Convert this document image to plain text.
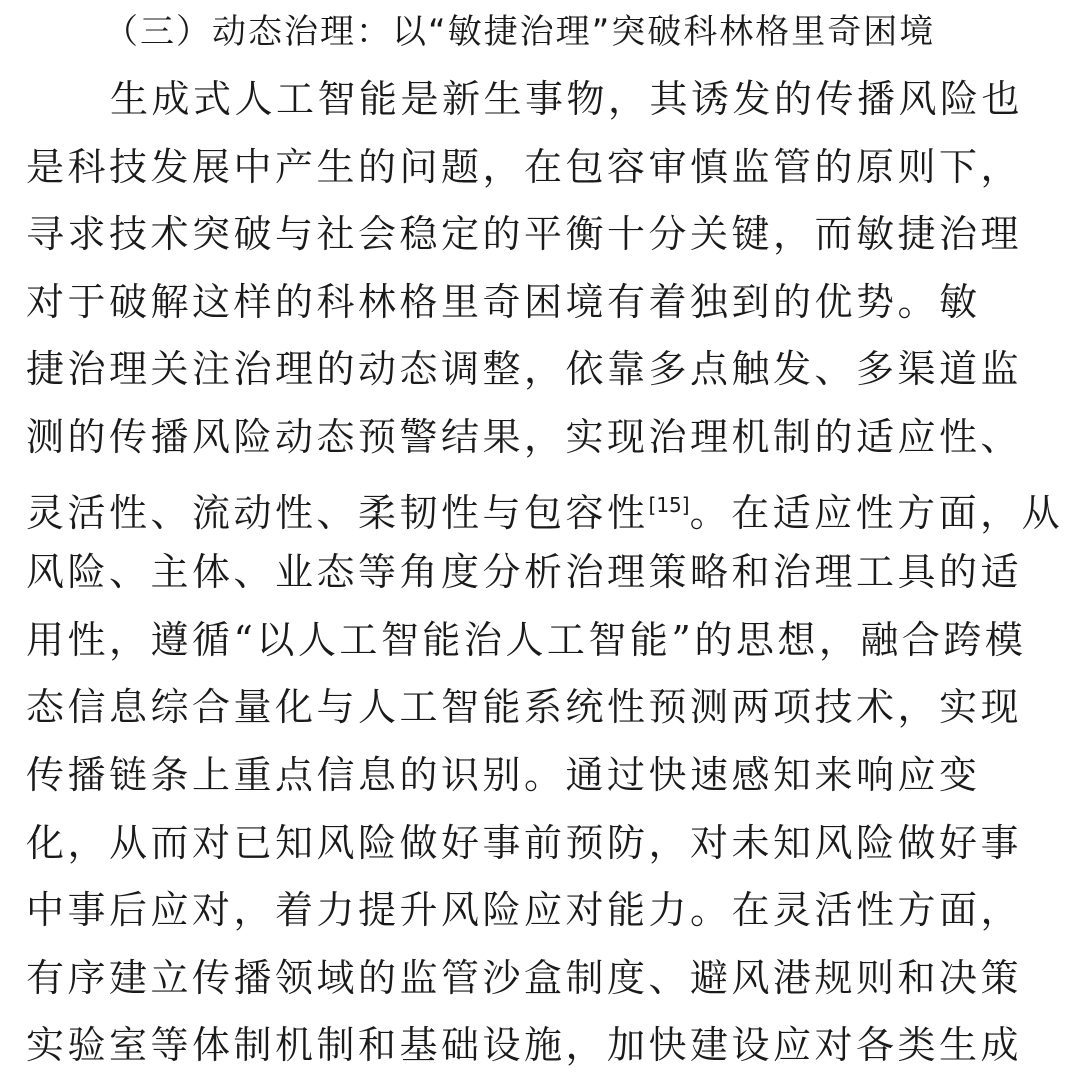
（三）动态治理：以“敏捷治理”突破科林格里奇困境
生成式人工智能是新生事物，其诱发的传播风险也
是科技发展中产生的问题，在包容审慎监管的原则下，
寻求技术突破与社会稳定的平衡十分关键，而敏捷治理
对于破解这样的科林格里奇困境有着独到的优势。敏
捷治理关注治理的动态调整，依靠多点触发、多渠道监
测的传播风险动态预警结果，实现治理机制的适应性、
灵活性、流动性、柔韧性与包容性[15]。在适应性方面，从
风险、主体、业态等角度分析治理策略和治理工具的适
用性，遵循“以人工智能治人工智能”的思想，融合跨模
态信息综合量化与人工智能系统性预测两项技术，实现
传播链条上重点信息的识别。通过快速感知来响应变
化，从而对已知风险做好事前预防，对未知风险做好事
中事后应对，着力提升风险应对能力。在灵活性方面，
有序建立传播领域的监管沙盒制度、避风港规则和决策
实验室等体制机制和基础设施，加快建设应对各类生成
